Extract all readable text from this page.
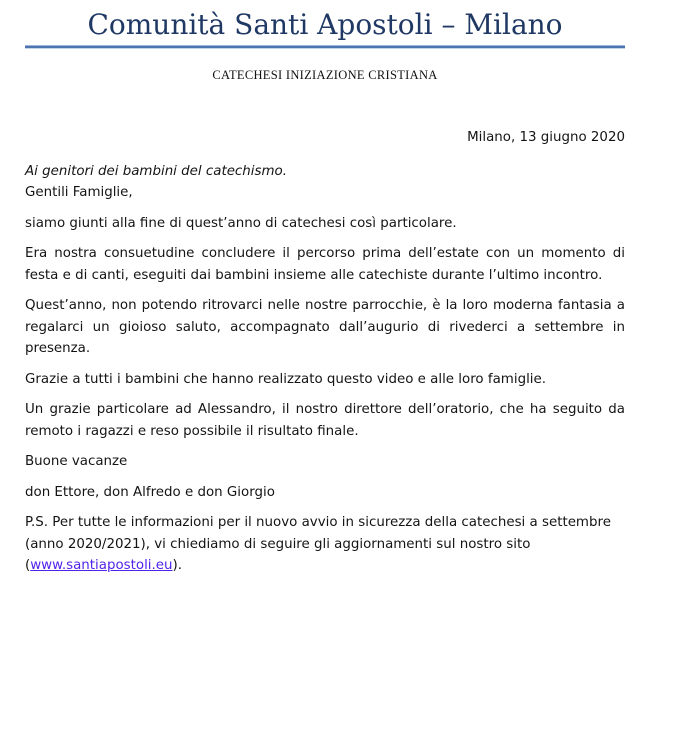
Comunità Santi Apostoli – Milano
CATECHESI INIZIAZIONE CRISTIANA
Milano, 13 giugno 2020
Ai genitori dei bambini del catechismo.

Gentili Famiglie,

siamo giunti alla fine di quest’anno di catechesi così particolare.

Era nostra consuetudine concludere il percorso prima dell’estate con un momento di festa e di canti, eseguiti dai bambini insieme alle catechiste durante l’ultimo incontro.

Quest’anno, non potendo ritrovarci nelle nostre parrocchie, è la loro moderna fantasia a regalarci un gioioso saluto, accompagnato dall’augurio di rivederci a settembre in presenza.

Grazie a tutti i bambini che hanno realizzato questo video e alle loro famiglie.

Un grazie particolare ad Alessandro, il nostro direttore dell’oratorio, che ha seguito da remoto i ragazzi e reso possibile il risultato finale.

Buone vacanze

don Ettore, don Alfredo e don Giorgio

P.S. Per tutte le informazioni per il nuovo avvio in sicurezza della catechesi a settembre (anno 2020/2021), vi chiediamo di seguire gli aggiornamenti sul nostro sito (www.santiapostoli.eu).
